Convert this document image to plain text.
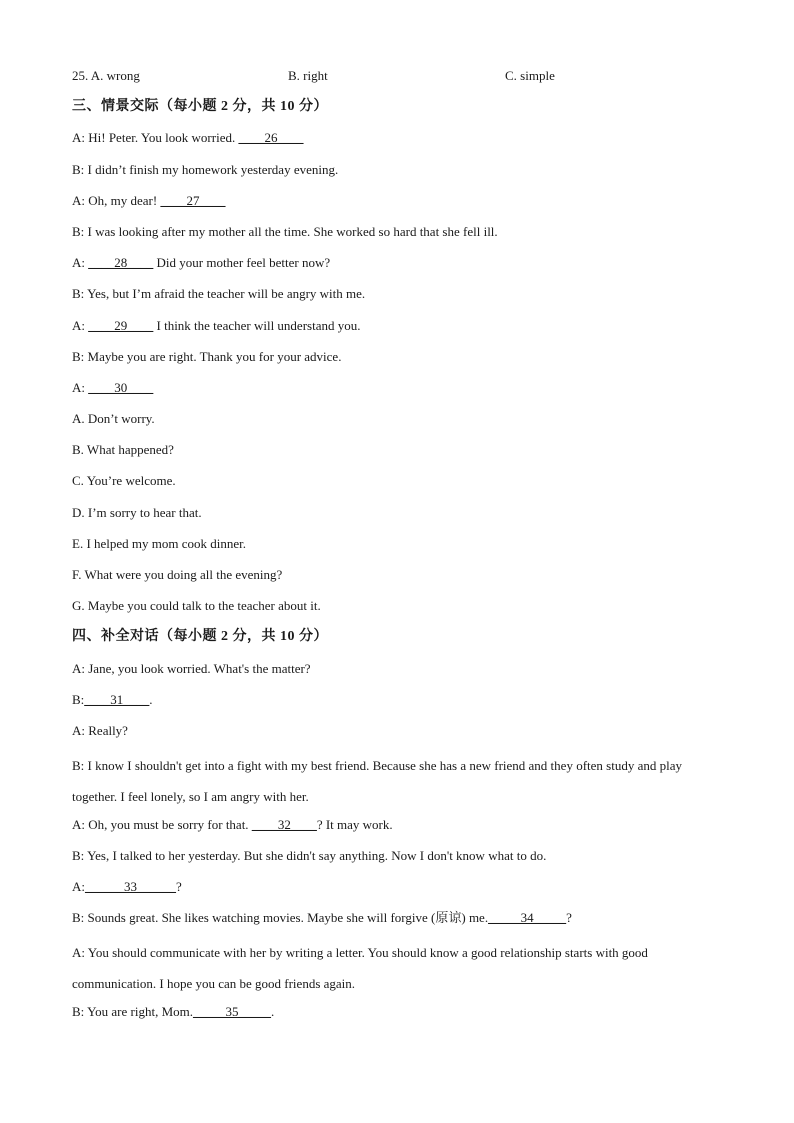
25. A. wrong	B. right	C. simple
三、情景交际（每小题 2 分，共 10 分）
A: Hi! Peter. You look worried. ____26____
B: I didn’t finish my homework yesterday evening.
A: Oh, my dear! ____27____
B: I was looking after my mother all the time. She worked so hard that she fell ill.
A: ____28____ Did your mother feel better now?
B: Yes, but I’m afraid the teacher will be angry with me.
A: ____29____ I think the teacher will understand you.
B: Maybe you are right. Thank you for your advice.
A: ____30____
A. Don’t worry.
B. What happened?
C. You’re welcome.
D. I’m sorry to hear that.
E. I helped my mom cook dinner.
F. What were you doing all the evening?
G. Maybe you could talk to the teacher about it.
四、补全对话（每小题 2 分，共 10 分）
A: Jane, you look worried. What's the matter?
B:____31____.
A: Really?
B: I know I shouldn't get into a fight with my best friend. Because she has a new friend and they often study and play together. I feel lonely, so I am angry with her.
A: Oh, you must be sorry for that. ____32____? It may work.
B: Yes, I talked to her yesterday. But she didn't say anything. Now I don't know what to do.
A:______33______?
B: Sounds great. She likes watching movies. Maybe she will forgive (原谅) me._____34_____?
A: You should communicate with her by writing a letter. You should know a good relationship starts with good communication. I hope you can be good friends again.
B: You are right, Mom._____35_____.
